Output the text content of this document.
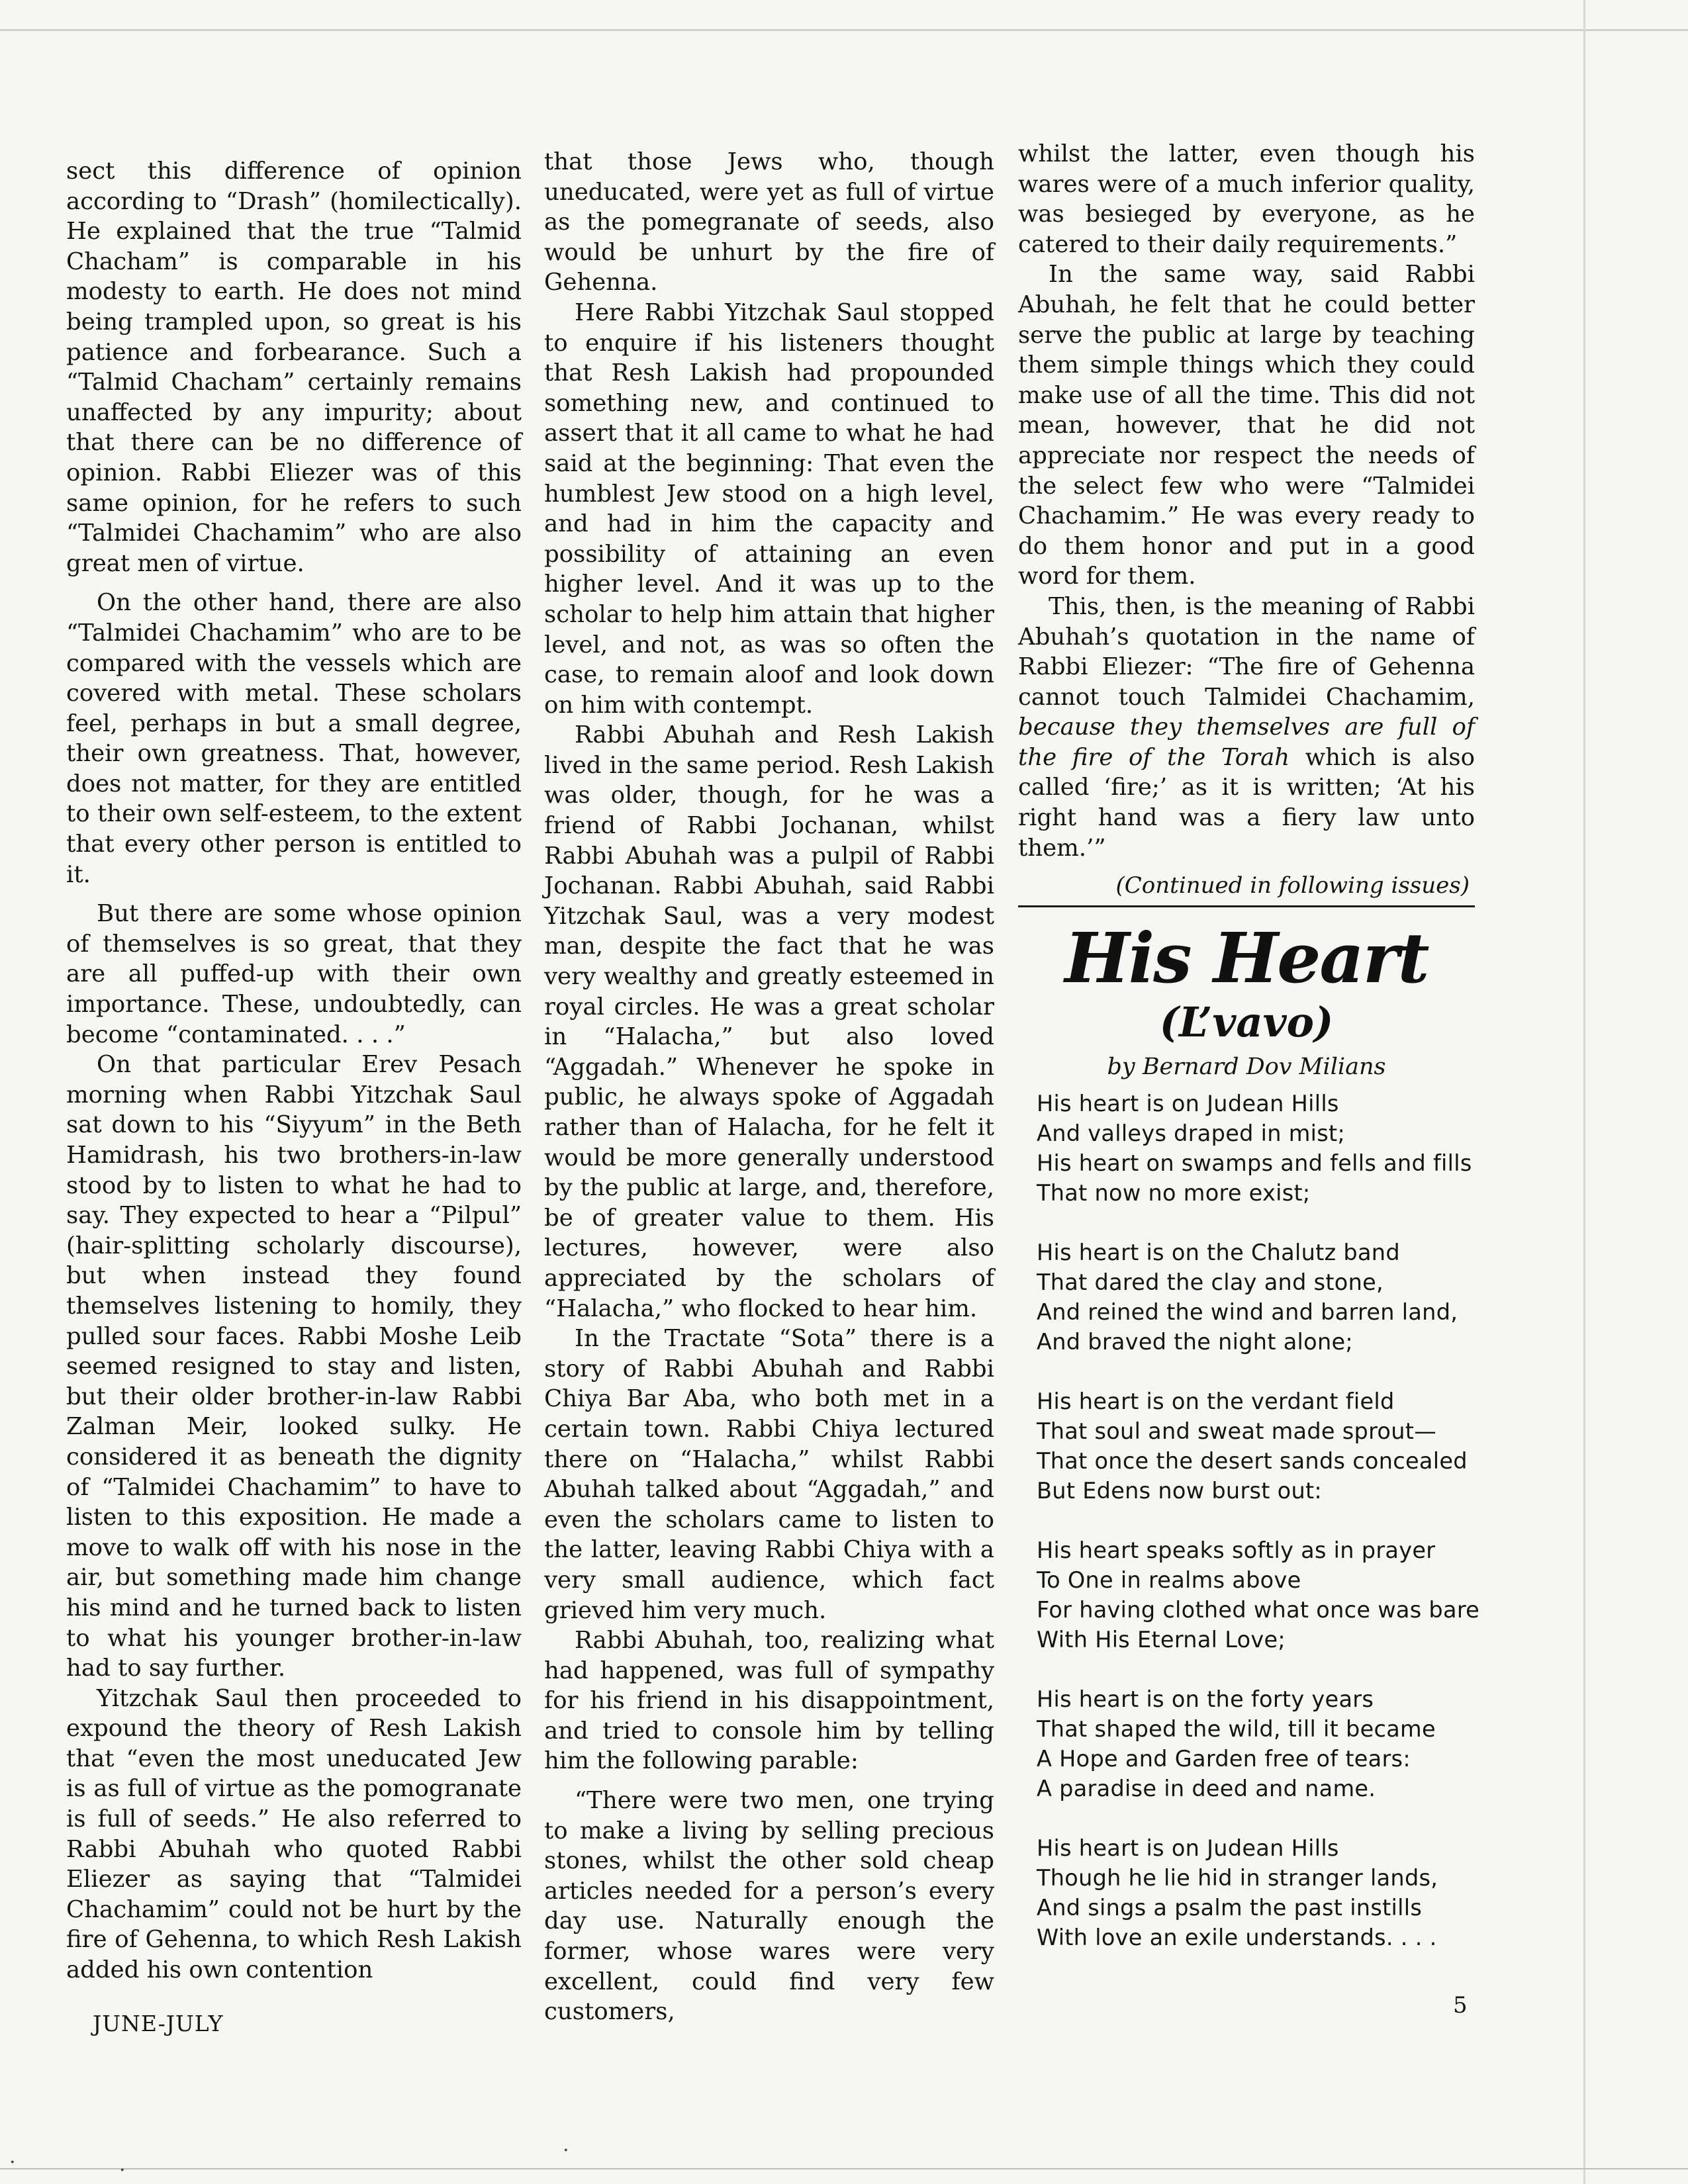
sect this difference of opinion according to “Drash” (homilectically). He explained that the true “Talmid Chacham” is comparable in his modesty to earth. He does not mind being trampled upon, so great is his patience and forbearance. Such a “Talmid Chacham” certainly remains unaffected by any impurity; about that there can be no difference of opinion. Rabbi Eliezer was of this same opinion, for he refers to such “Talmidei Chachamim” who are also great men of virtue.

On the other hand, there are also “Talmidei Chachamim” who are to be compared with the vessels which are covered with metal. These scholars feel, perhaps in but a small degree, their own greatness. That, however, does not matter, for they are entitled to their own self-esteem, to the extent that every other person is entitled to it.

But there are some whose opinion of themselves is so great, that they are all puffed-up with their own importance. These, undoubtedly, can become “contaminated. . . .”

On that particular Erev Pesach morning when Rabbi Yitzchak Saul sat down to his “Siyyum” in the Beth Hamidrash, his two brothers-in-law stood by to listen to what he had to say. They expected to hear a “Pilpul” (hair-splitting scholarly discourse), but when instead they found themselves listening to homily, they pulled sour faces. Rabbi Moshe Leib seemed resigned to stay and listen, but their older brother-in-law Rabbi Zalman Meir, looked sulky. He considered it as beneath the dignity of “Talmidei Chachamim” to have to listen to this exposition. He made a move to walk off with his nose in the air, but something made him change his mind and he turned back to listen to what his younger brother-in-law had to say further.

Yitzchak Saul then proceeded to expound the theory of Resh Lakish that “even the most uneducated Jew is as full of virtue as the pomogranate is full of seeds.” He also referred to Rabbi Abuhah who quoted Rabbi Eliezer as saying that “Talmidei Chachamim” could not be hurt by the fire of Gehenna, to which Resh Lakish added his own contention

that those Jews who, though uneducated, were yet as full of virtue as the pomegranate of seeds, also would be unhurt by the fire of Gehenna.

Here Rabbi Yitzchak Saul stopped to enquire if his listeners thought that Resh Lakish had propounded something new, and continued to assert that it all came to what he had said at the beginning: That even the humblest Jew stood on a high level, and had in him the capacity and possibility of attaining an even higher level. And it was up to the scholar to help him attain that higher level, and not, as was so often the case, to remain aloof and look down on him with contempt.

Rabbi Abuhah and Resh Lakish lived in the same period. Resh Lakish was older, though, for he was a friend of Rabbi Jochanan, whilst Rabbi Abuhah was a pulpil of Rabbi Jochanan. Rabbi Abuhah, said Rabbi Yitzchak Saul, was a very modest man, despite the fact that he was very wealthy and greatly esteemed in royal circles. He was a great scholar in “Halacha,” but also loved “Aggadah.” Whenever he spoke in public, he always spoke of Aggadah rather than of Halacha, for he felt it would be more generally understood by the public at large, and, therefore, be of greater value to them. His lectures, however, were also appreciated by the scholars of “Halacha,” who flocked to hear him.

In the Tractate “Sota” there is a story of Rabbi Abuhah and Rabbi Chiya Bar Aba, who both met in a certain town. Rabbi Chiya lectured there on “Halacha,” whilst Rabbi Abuhah talked about “Aggadah,” and even the scholars came to listen to the latter, leaving Rabbi Chiya with a very small audience, which fact grieved him very much.

Rabbi Abuhah, too, realizing what had happened, was full of sympathy for his friend in his disappointment, and tried to console him by telling him the following parable:

“There were two men, one trying to make a living by selling precious stones, whilst the other sold cheap articles needed for a person’s every day use. Naturally enough the former, whose wares were very excellent, could find very few customers,

whilst the latter, even though his wares were of a much inferior quality, was besieged by everyone, as he catered to their daily requirements.”

In the same way, said Rabbi Abuhah, he felt that he could better serve the public at large by teaching them simple things which they could make use of all the time. This did not mean, however, that he did not appreciate nor respect the needs of the select few who were “Talmidei Chachamim.” He was every ready to do them honor and put in a good word for them.

This, then, is the meaning of Rabbi Abuhah’s quotation in the name of Rabbi Eliezer: “The fire of Gehenna cannot touch Talmidei Chachamim, because they themselves are full of the fire of the Torah which is also called ‘fire;’ as it is written; ‘At his right hand was a fiery law unto them.’”

(Continued in following issues)
His Heart
(L’vavo)
by Bernard Dov Milians
His heart is on Judean Hills
And valleys draped in mist;
His heart on swamps and fells and fills
That now no more exist;
His heart is on the Chalutz band
That dared the clay and stone,
And reined the wind and barren land,
And braved the night alone;
His heart is on the verdant field
That soul and sweat made sprout—
That once the desert sands concealed
But Edens now burst out:
His heart speaks softly as in prayer
To One in realms above
For having clothed what once was bare
With His Eternal Love;
His heart is on the forty years
That shaped the wild, till it became
A Hope and Garden free of tears:
A paradise in deed and name.
His heart is on Judean Hills
Though he lie hid in stranger lands,
And sings a psalm the past instills
With love an exile understands. . . .
JUNE-JULY
5
·	·
·
